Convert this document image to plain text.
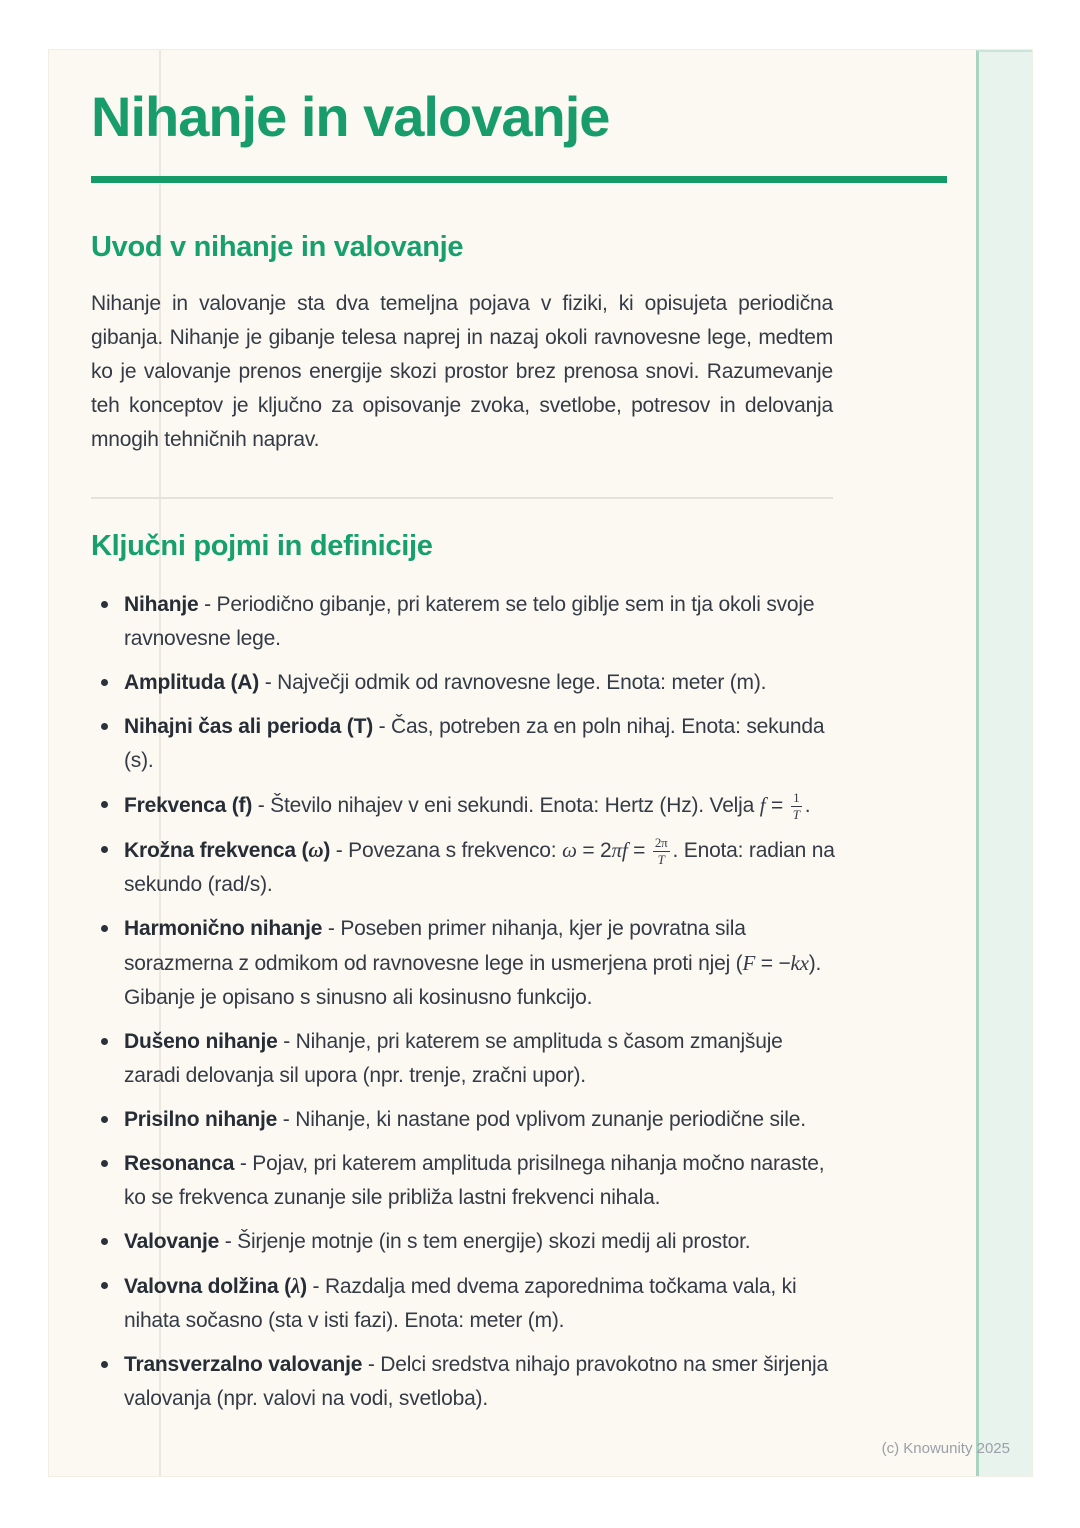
Nihanje in valovanje
Uvod v nihanje in valovanje

Nihanje in valovanje sta dva temeljna pojava v fiziki, ki opisujeta periodična gibanja. Nihanje je gibanje telesa naprej in nazaj okoli ravnovesne lege, medtem ko je valovanje prenos energije skozi prostor brez prenosa snovi. Razumevanje teh konceptov je ključno za opisovanje zvoka, svetlobe, potresov in delovanja mnogih tehničnih naprav.

Ključni pojmi in definicije
Nihanje - Periodično gibanje, pri katerem se telo giblje sem in tja okoli svoje ravnovesne lege.
Amplituda (A) - Največji odmik od ravnovesne lege. Enota: meter (m).
Nihajni čas ali perioda (T) - Čas, potreben za en poln nihaj. Enota: sekunda (s).
Frekvenca (f) - Število nihajev v eni sekundi. Enota: Hertz (Hz). Velja $f = \frac{1}{T}$ .
Krožna frekvenca (ω) - Povezana s frekvenco: $\omega = 2\pi f = \frac{2\pi}{T}$ . Enota: radian na sekundo (rad/s).
Harmonično nihanje - Poseben primer nihanja, kjer je povratna sila sorazmerna z odmikom od ravnovesne lege in usmerjena proti njej (F = −kx). Gibanje je opisano s sinusno ali kosinusno funkcijo.
Dušeno nihanje - Nihanje, pri katerem se amplituda s časom zmanjšuje zaradi delovanja sil upora (npr. trenje, zračni upor).
Prisilno nihanje - Nihanje, ki nastane pod vplivom zunanje periodične sile.
Resonanca - Pojav, pri katerem amplituda prisilnega nihanja močno naraste, ko se frekvenca zunanje sile približa lastni frekvenci nihala.
Valovanje - Širjenje motnje (in s tem energije) skozi medij ali prostor.
Valovna dolžina (λ) - Razdalja med dvema zaporednima točkama vala, ki nihata sočasno (sta v isti fazi). Enota: meter (m).
Transverzalno valovanje - Delci sredstva nihajo pravokotno na smer širjenja valovanja (npr. valovi na vodi, svetloba).
(c) Knowunity 2025
